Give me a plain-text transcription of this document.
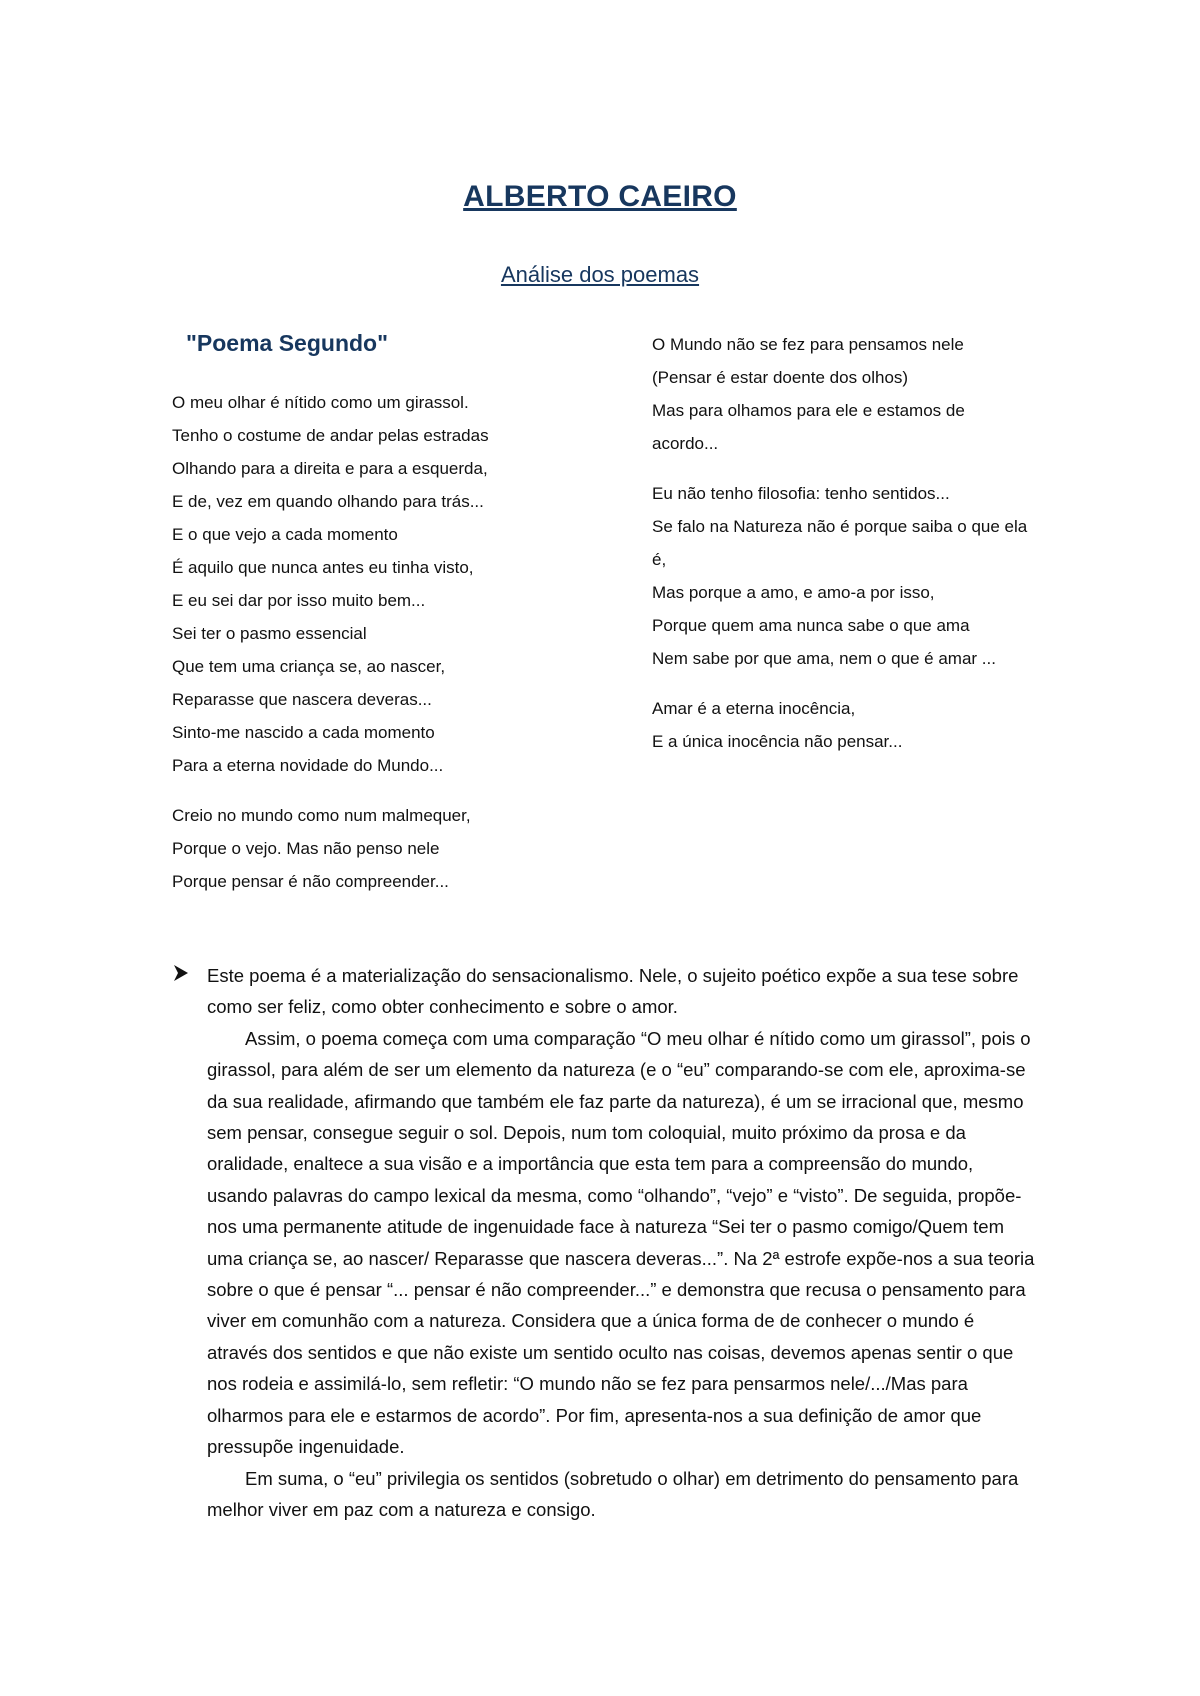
ALBERTO CAEIRO
Análise dos poemas
"Poema Segundo"

O meu olhar é nítido como um girassol.
Tenho o costume de andar pelas estradas
Olhando para a direita e para a esquerda,
E de, vez em quando olhando para trás...
E o que vejo a cada momento
É aquilo que nunca antes eu tinha visto,
E eu sei dar por isso muito bem...
Sei ter o pasmo essencial
Que tem uma criança se, ao nascer,
Reparasse que nascera deveras...
Sinto-me nascido a cada momento
Para a eterna novidade do Mundo...

Creio no mundo como num malmequer,
Porque o vejo. Mas não penso nele
Porque pensar é não compreender...

O Mundo não se fez para pensamos nele
(Pensar é estar doente dos olhos)
Mas para olhamos para ele e estamos de acordo...

Eu não tenho filosofia: tenho sentidos...
Se falo na Natureza não é porque saiba o que ela é,
Mas porque a amo, e amo-a por isso,
Porque quem ama nunca sabe o que ama
Nem sabe por que ama, nem o que é amar ...

Amar é a eterna inocência,
E a única inocência não pensar...

Este poema é a materialização do sensacionalismo. Nele, o sujeito poético expõe a sua tese sobre como ser feliz, como obter conhecimento e sobre o amor.

Assim, o poema começa com uma comparação “O meu olhar é nítido como um girassol”, pois o girassol, para além de ser um elemento da natureza (e o “eu” comparando-se com ele, aproxima-se da sua realidade, afirmando que também ele faz parte da natureza), é um se irracional que, mesmo sem pensar, consegue seguir o sol. Depois, num tom coloquial, muito próximo da prosa e da oralidade, enaltece a sua visão e a importância que esta tem para a compreensão do mundo, usando palavras do campo lexical da mesma, como “olhando”, “vejo” e “visto”. De seguida, propõe-nos uma permanente atitude de ingenuidade face à natureza “Sei ter o pasmo comigo/Quem tem uma criança se, ao nascer/ Reparasse que nascera deveras...”. Na 2ª estrofe expõe-nos a sua teoria sobre o que é pensar “... pensar é não compreender...” e demonstra que recusa o pensamento para viver em comunhão com a natureza. Considera que a única forma de de conhecer o mundo é através dos sentidos e que não existe um sentido oculto nas coisas, devemos apenas sentir o que nos rodeia e assimilá-lo, sem refletir: “O mundo não se fez para pensarmos nele/.../Mas para olharmos para ele e estarmos de acordo”. Por fim, apresenta-nos a sua definição de amor que pressupõe ingenuidade.

Em suma, o “eu” privilegia os sentidos (sobretudo o olhar) em detrimento do pensamento para melhor viver em paz com a natureza e consigo.
